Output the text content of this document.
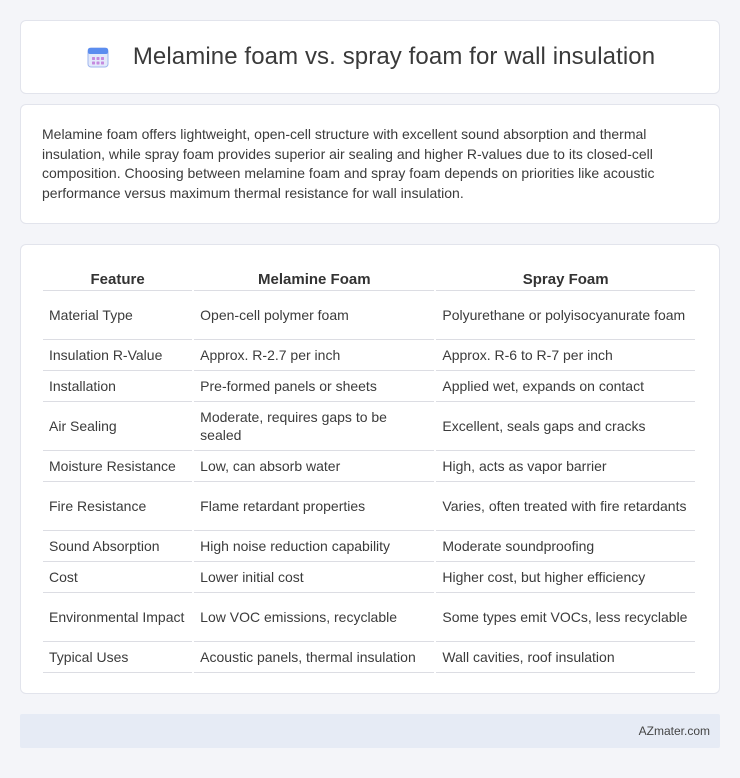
Melamine foam vs. spray foam for wall insulation

Melamine foam offers lightweight, open-cell structure with excellent sound absorption and thermal insulation, while spray foam provides superior air sealing and higher R-values due to its closed-cell composition. Choosing between melamine foam and spray foam depends on priorities like acoustic performance versus maximum thermal resistance for wall insulation.

Feature	Melamine Foam	Spray Foam
Material Type	Open-cell polymer foam	Polyurethane or polyisocyanurate foam
Insulation R-Value	Approx. R-2.7 per inch	Approx. R-6 to R-7 per inch
Installation	Pre-formed panels or sheets	Applied wet, expands on contact
Air Sealing	Moderate, requires gaps to be sealed	Excellent, seals gaps and cracks
Moisture Resistance	Low, can absorb water	High, acts as vapor barrier
Fire Resistance	Flame retardant properties	Varies, often treated with fire retardants
Sound Absorption	High noise reduction capability	Moderate soundproofing
Cost	Lower initial cost	Higher cost, but higher efficiency
Environmental Impact	Low VOC emissions, recyclable	Some types emit VOCs, less recyclable
Typical Uses	Acoustic panels, thermal insulation	Wall cavities, roof insulation
AZmater.com
